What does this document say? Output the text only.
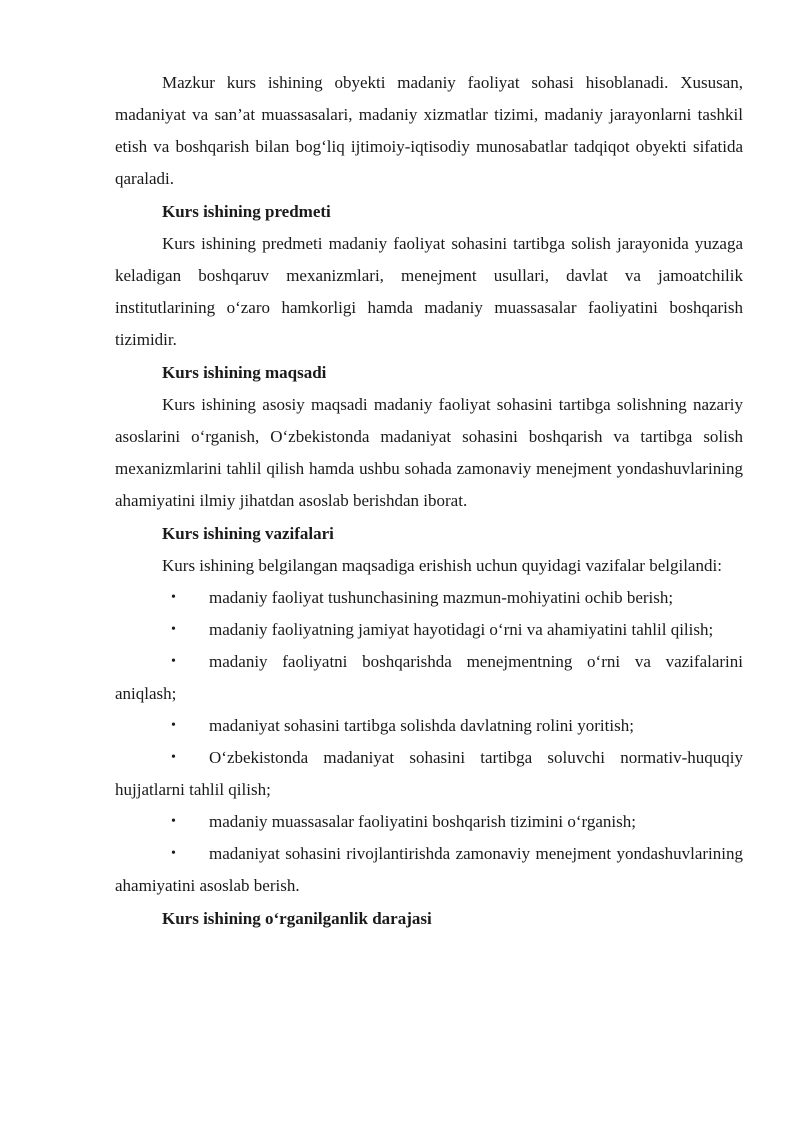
Mazkur kurs ishining obyekti madaniy faoliyat sohasi hisoblanadi. Xususan, madaniyat va san’at muassasalari, madaniy xizmatlar tizimi, madaniy jarayonlarni tashkil etish va boshqarish bilan bog‘liq ijtimoiy-iqtisodiy munosabatlar tadqiqot obyekti sifatida qaraladi.

Kurs ishining predmeti

Kurs ishining predmeti madaniy faoliyat sohasini tartibga solish jarayonida yuzaga keladigan boshqaruv mexanizmlari, menejment usullari, davlat va jamoatchilik institutlarining o‘zaro hamkorligi hamda madaniy muassasalar faoliyatini boshqarish tizimidir.

Kurs ishining maqsadi

Kurs ishining asosiy maqsadi madaniy faoliyat sohasini tartibga solishning nazariy asoslarini o‘rganish, O‘zbekistonda madaniyat sohasini boshqarish va tartibga solish mexanizmlarini tahlil qilish hamda ushbu sohada zamonaviy menejment yondashuvlarining ahamiyatini ilmiy jihatdan asoslab berishdan iborat.

Kurs ishining vazifalari

Kurs ishining belgilangan maqsadiga erishish uchun quyidagi vazifalar belgilandi:

• madaniy faoliyat tushunchasining mazmun-mohiyatini ochib berish;

• madaniy faoliyatning jamiyat hayotidagi o‘rni va ahamiyatini tahlil qilish;

• madaniy faoliyatni boshqarishda menejmentning o‘rni va vazifalarini aniqlash;

• madaniyat sohasini tartibga solishda davlatning rolini yoritish;

• O‘zbekistonda madaniyat sohasini tartibga soluvchi normativ-huquqiy hujjatlarni tahlil qilish;

• madaniy muassasalar faoliyatini boshqarish tizimini o‘rganish;

• madaniyat sohasini rivojlantirishda zamonaviy menejment yondashuvlarining ahamiyatini asoslab berish.

Kurs ishining o‘rganilganlik darajasi
